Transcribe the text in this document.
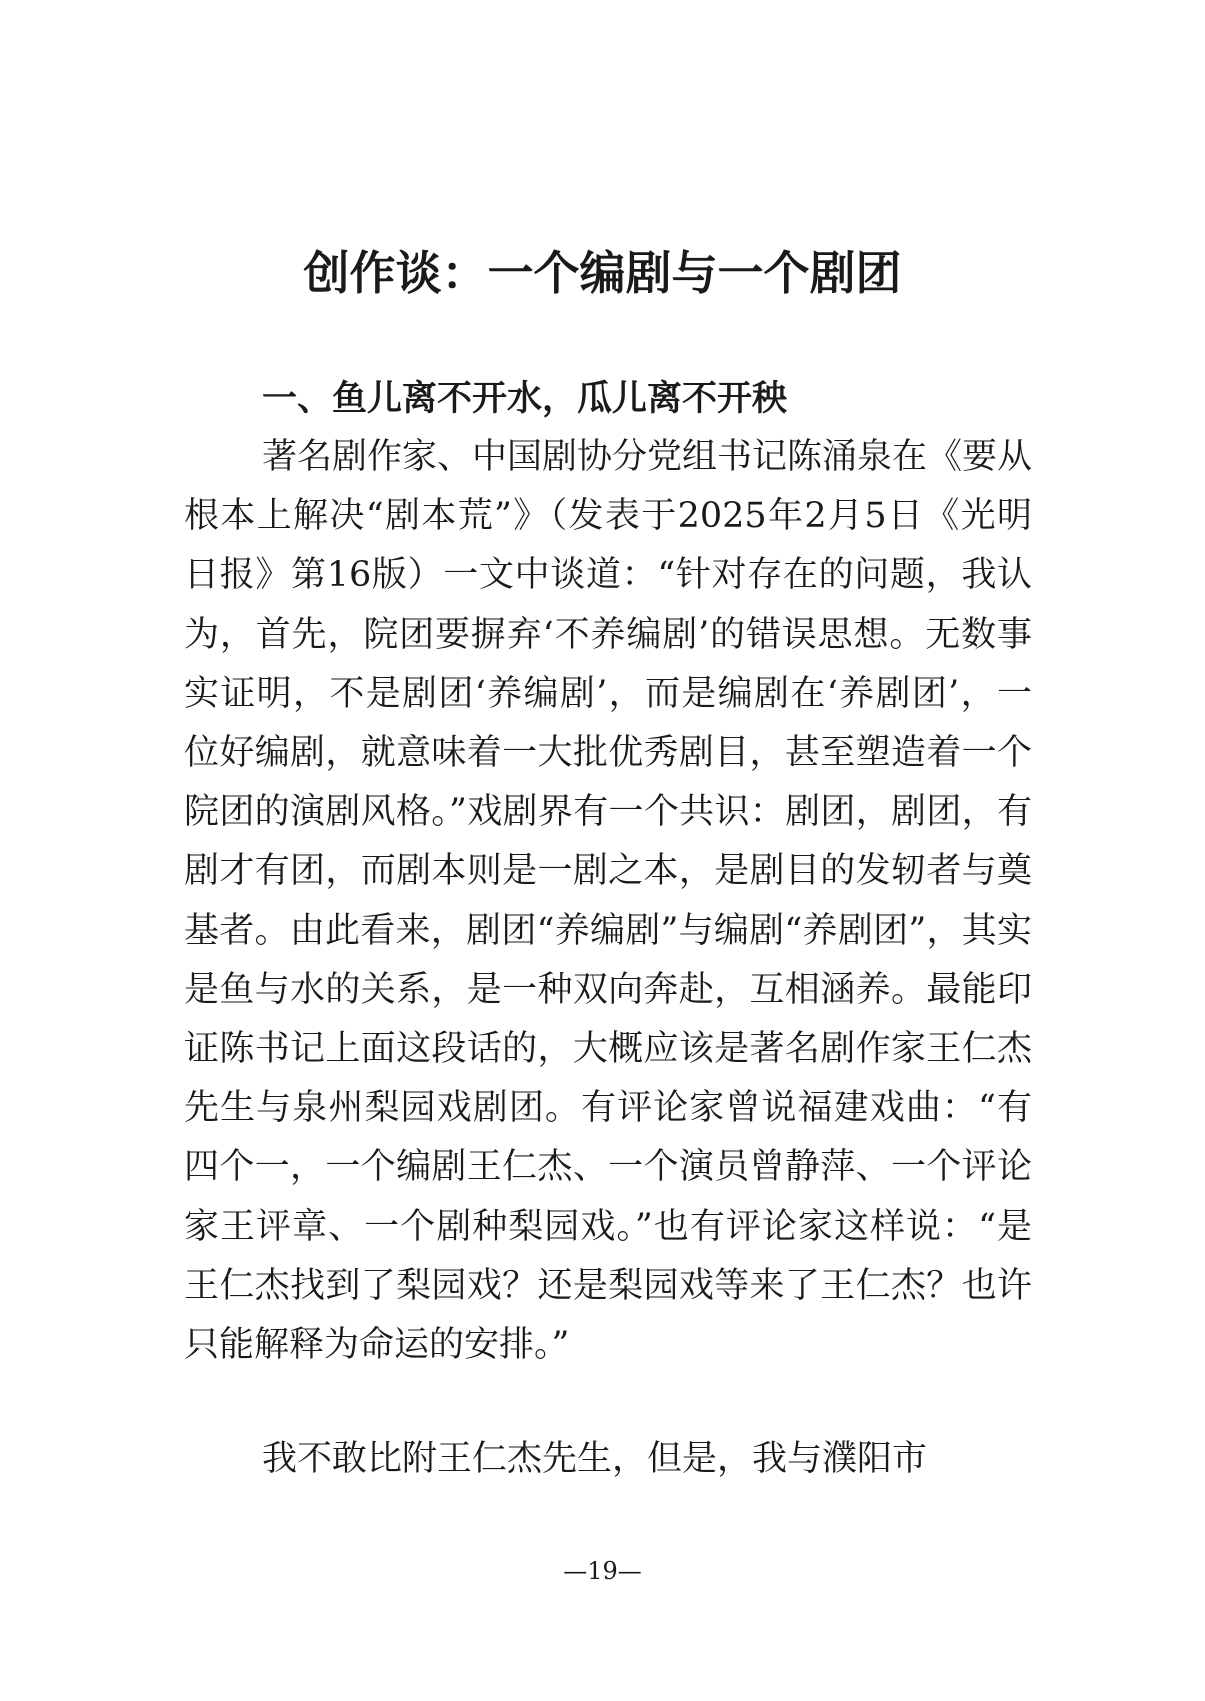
创作谈：一个编剧与一个剧团
一、鱼儿离不开水，瓜儿离不开秧

著名剧作家、中国剧协分党组书记陈涌泉在《要从根本上解决“剧本荒”》（发表于2025年2月5日《光明日报》第16版）一文中谈道：“针对存在的问题，我认为，首先，院团要摒弃‘不养编剧’的错误思想。无数事实证明，不是剧团‘养编剧’，而是编剧在‘养剧团’，一位好编剧，就意味着一大批优秀剧目，甚至塑造着一个院团的演剧风格。”戏剧界有一个共识：剧团，剧团，有剧才有团，而剧本则是一剧之本，是剧目的发轫者与奠基者。由此看来，剧团“养编剧”与编剧“养剧团”，其实是鱼与水的关系，是一种双向奔赴，互相涵养。最能印证陈书记上面这段话的，大概应该是著名剧作家王仁杰先生与泉州梨园戏剧团。有评论家曾说福建戏曲：“有四个一，一个编剧王仁杰、一个演员曾静萍、一个评论家王评章、一个剧种梨园戏。”也有评论家这样说：“是王仁杰找到了梨园戏？还是梨园戏等来了王仁杰？也许只能解释为命运的安排。”

我不敢比附王仁杰先生，但是，我与濮阳市

—19—
